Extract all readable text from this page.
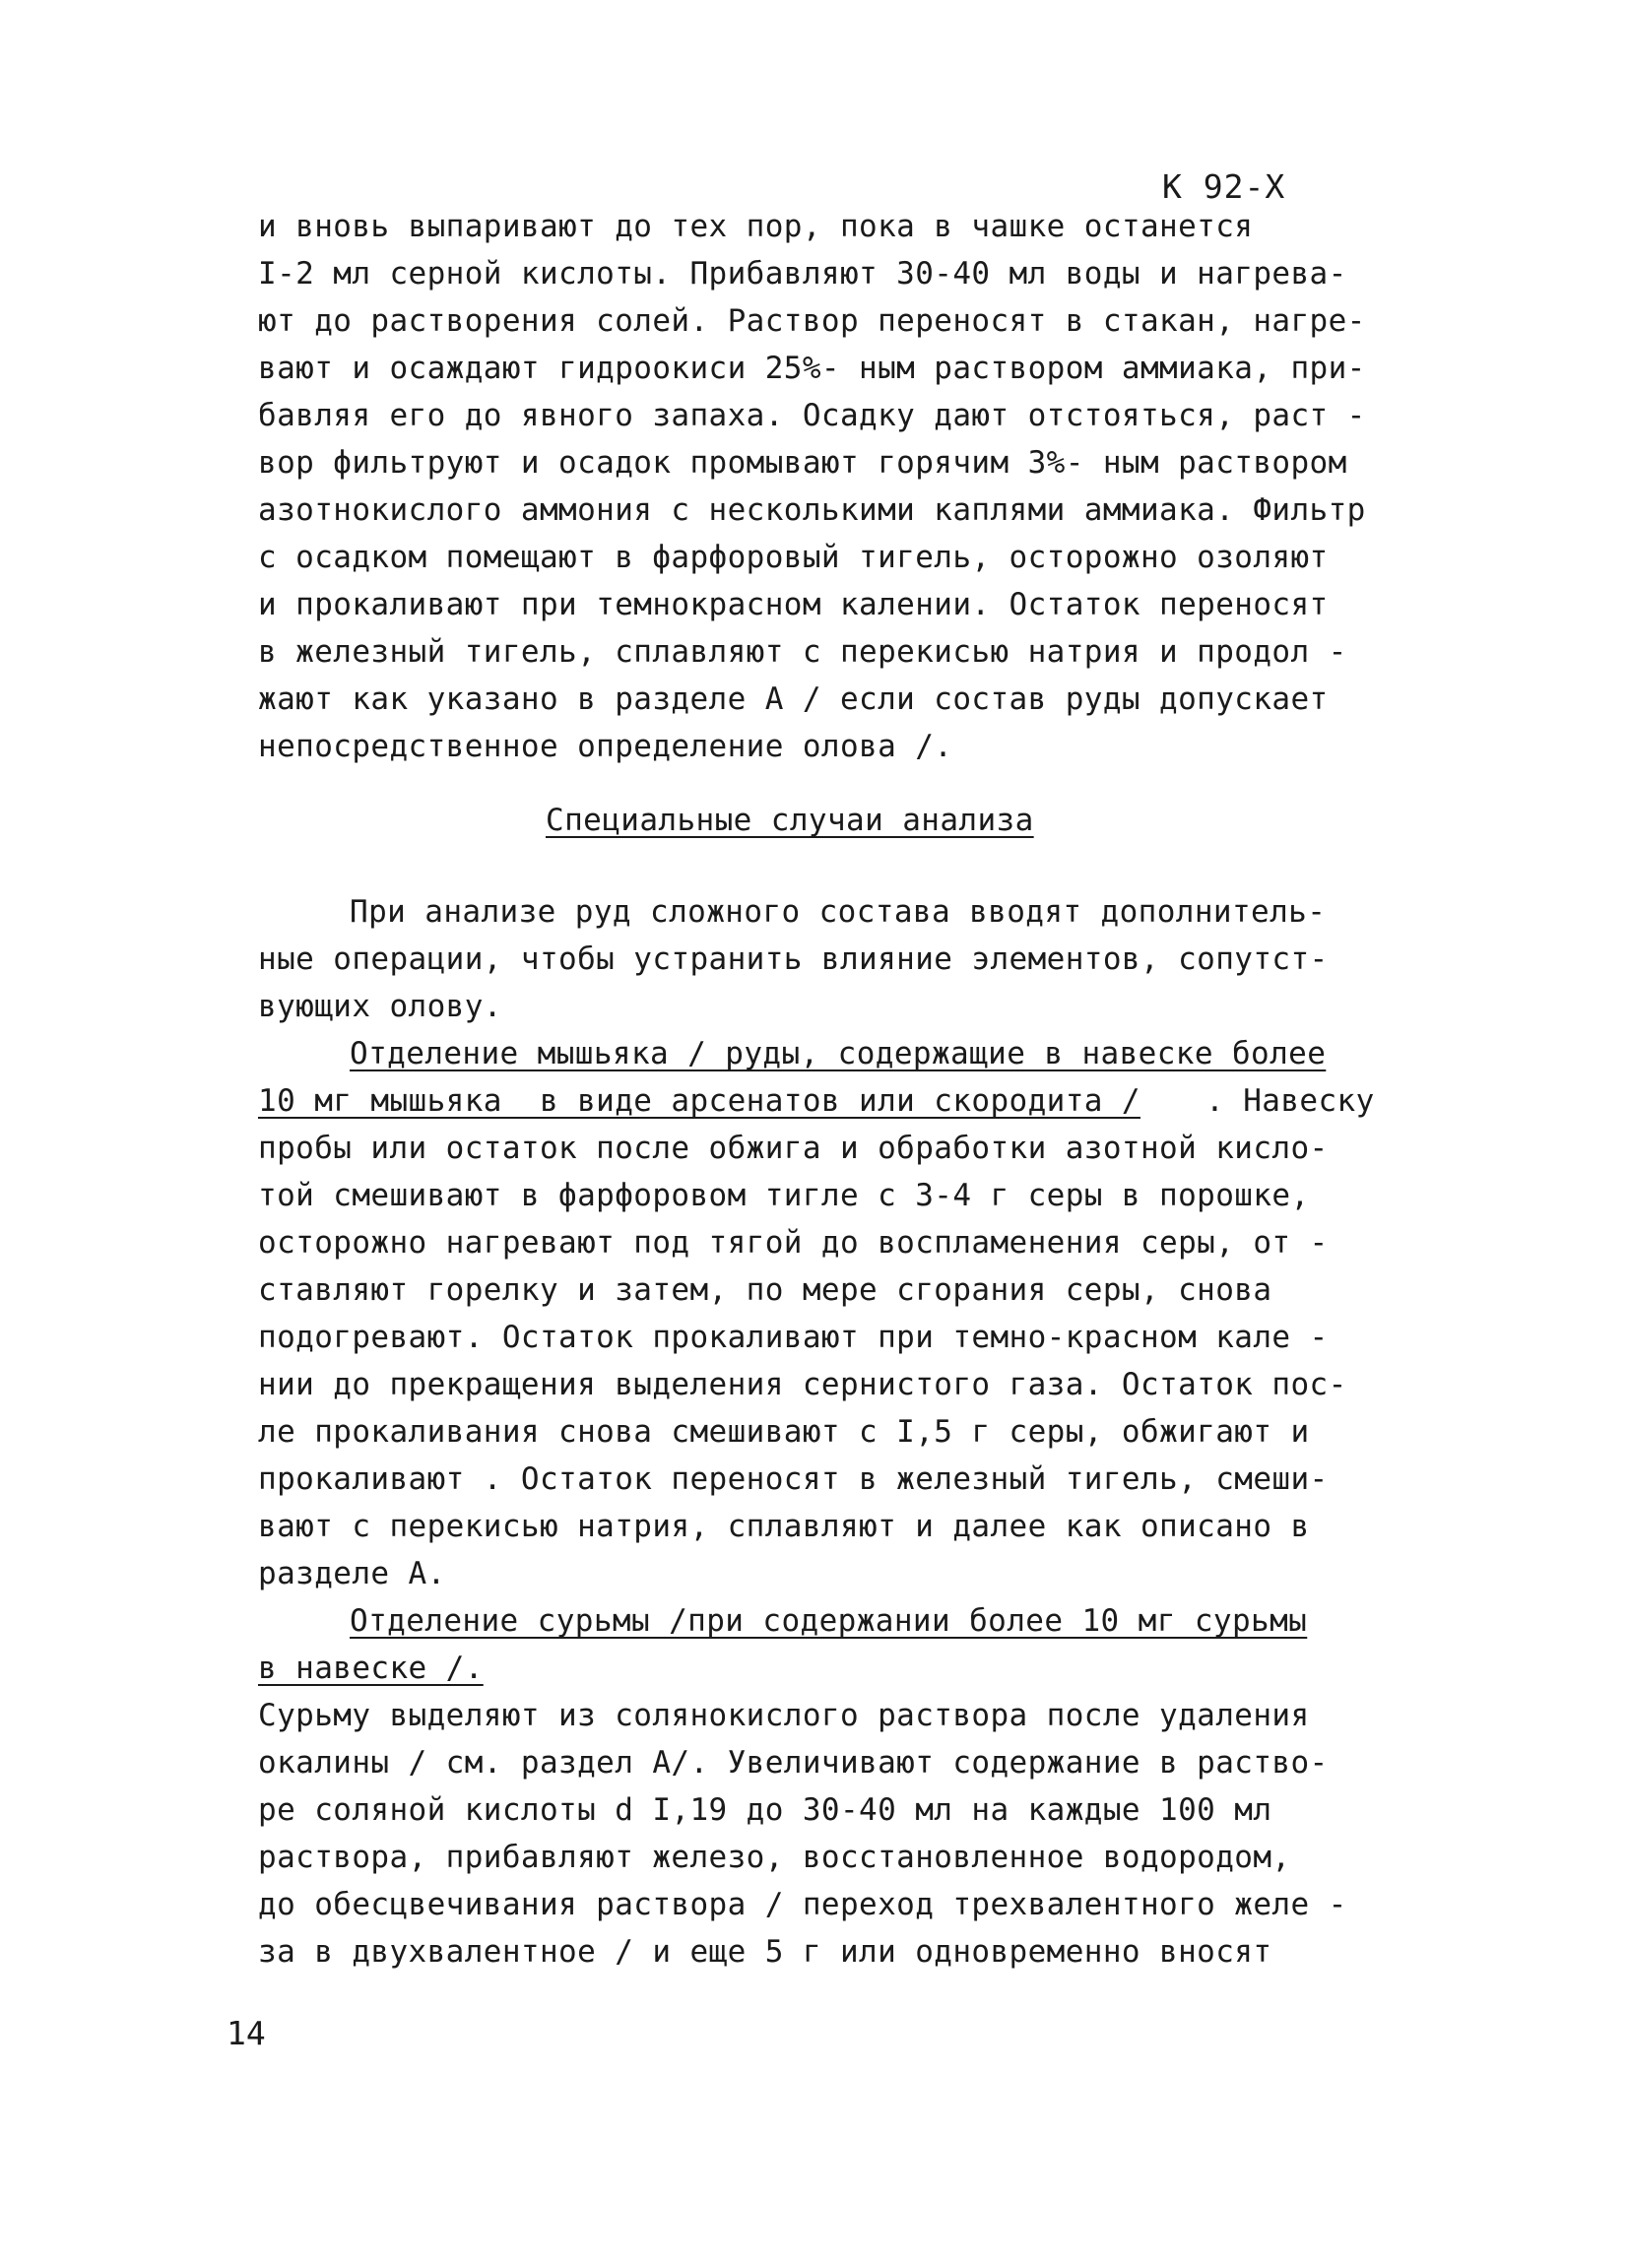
К 92-Х
и вновь выпаривают до тех пор, пока в чашке останется
I-2 мл серной кислоты. Прибавляют 30-40 мл воды и нагрева-
ют до растворения солей. Раствор переносят в стакан, нагре-
вают и осаждают гидроокиси 25%- ным раствором аммиака, при-
бавляя его до явного запаха. Осадку дают отстояться, раст -
вор фильтруют и осадок промывают горячим 3%- ным раствором
азотнокислого аммония с несколькими каплями аммиака. Фильтр
с осадком помещают в фарфоровый тигель, осторожно озоляют
и прокаливают при темнокрасном калении. Остаток переносят
в железный тигель, сплавляют с перекисью натрия и продол -
жают как указано в разделе А / если состав руды допускает
непосредственное определение олова /.
Специальные случаи анализа
При анализе руд сложного состава вводят дополнитель-
ные операции, чтобы устранить влияние элементов, сопутст-
вующих олову.
Отделение мышьяка / руды, содержащие в навеске более
10 мг мышьяка  в виде арсенатов или скородита / . Навеску
пробы или остаток после обжига и обработки азотной кисло-
той смешивают в фарфоровом тигле с 3-4 г серы в порошке,
осторожно нагревают под тягой до воспламенения серы, от -
ставляют горелку и затем, по мере сгорания серы, снова
подогревают. Остаток прокаливают при темно-красном кале -
нии до прекращения выделения сернистого газа. Остаток пос-
ле прокаливания снова смешивают с I,5 г серы, обжигают и
прокаливают . Остаток переносят в железный тигель, смеши-
вают с перекисью натрия, сплавляют и далее как описано в
разделе А.
Отделение сурьмы /при содержании более 10 мг сурьмы
в навеске /.
Сурьму выделяют из солянокислого раствора после удаления
окалины / см. раздел А/. Увеличивают содержание в раство-
ре соляной кислоты d I,19 до 30-40 мл на каждые 100 мл
раствора, прибавляют железо, восстановленное водородом,
до обесцвечивания раствора / переход трехвалентного желе -
за в двухвалентное / и еще 5 г или одновременно вносят
14
